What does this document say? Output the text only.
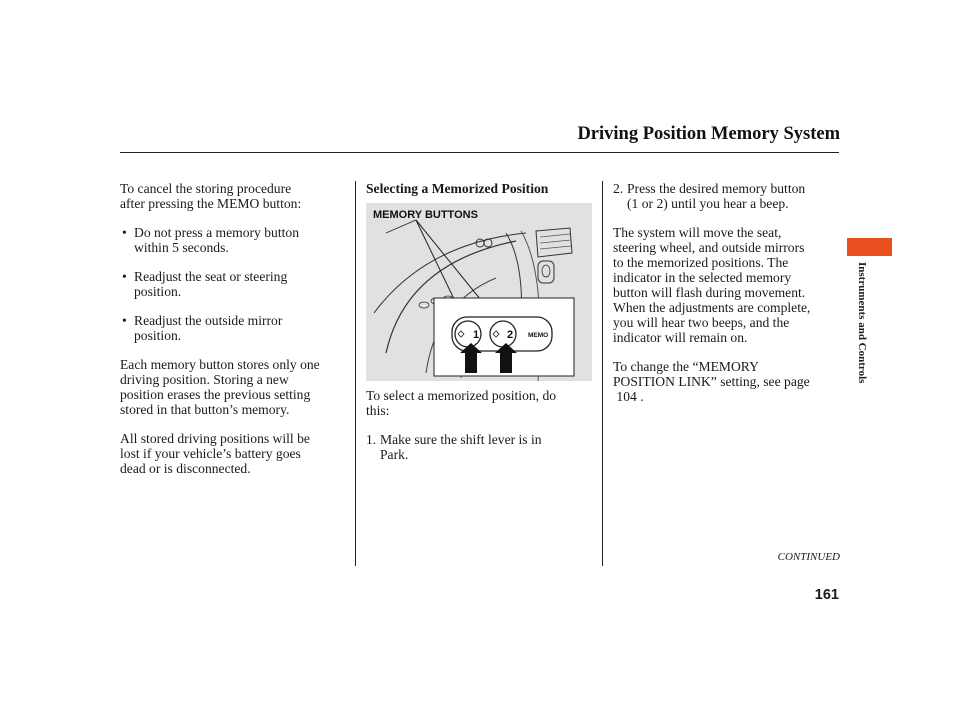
Driving Position Memory System

To cancel the storing procedure

after pressing the MEMO button:

• Do not press a memory button

within 5 seconds.

• Readjust the seat or steering

position.

• Readjust the outside mirror

position.

Each memory button stores only one

driving position. Storing a new

position erases the previous setting

stored in that button’s memory.

All stored driving positions will be

lost if your vehicle’s battery goes

dead or is disconnected.

Selecting a Memorized Position

1	2 MEMO
MEMORY BUTTONS

To select a memorized position, do

this:

1. Make sure the shift lever is in

Park.

2. Press the desired memory button

(1 or 2) until you hear a beep.

The system will move the seat,

steering wheel, and outside mirrors

to the memorized positions. The

indicator in the selected memory

button will flash during movement.

When the adjustments are complete,

you will hear two beeps, and the

indicator will remain on.

To change the “MEMORY

POSITION LINK” setting, see page

104 .

Instruments and Controls
CONTINUED
161
